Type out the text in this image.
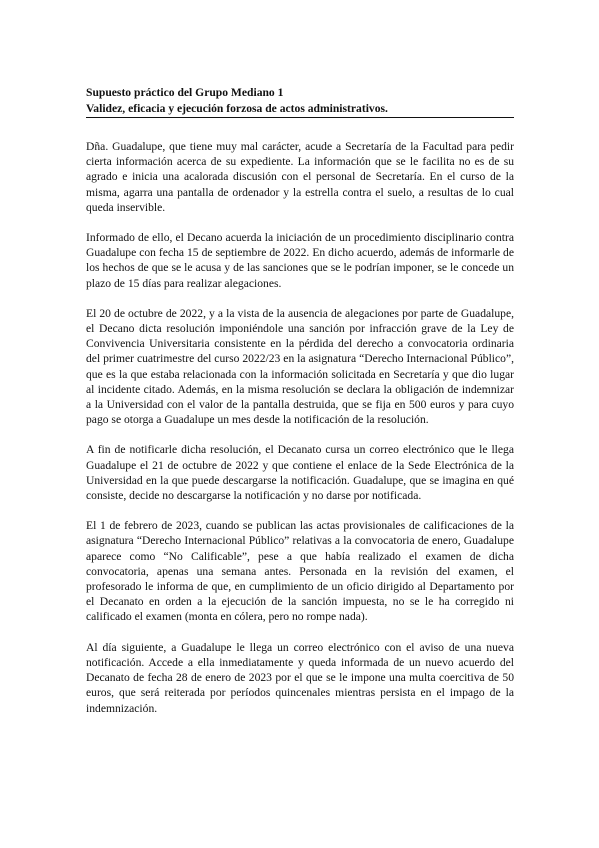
Supuesto práctico del Grupo Mediano 1
Validez, eficacia y ejecución forzosa de actos administrativos.

Dña. Guadalupe, que tiene muy mal carácter, acude a Secretaría de la Facultad para pedir cierta información acerca de su expediente. La información que se le facilita no es de su agrado e inicia una acalorada discusión con el personal de Secretaría. En el curso de la misma, agarra una pantalla de ordenador y la estrella contra el suelo, a resultas de lo cual queda inservible.

Informado de ello, el Decano acuerda la iniciación de un procedimiento disciplinario contra Guadalupe con fecha 15 de septiembre de 2022. En dicho acuerdo, además de informarle de los hechos de que se le acusa y de las sanciones que se le podrían imponer, se le concede un plazo de 15 días para realizar alegaciones.

El 20 de octubre de 2022, y a la vista de la ausencia de alegaciones por parte de Guadalupe, el Decano dicta resolución imponiéndole una sanción por infracción grave de la Ley de Convivencia Universitaria consistente en la pérdida del derecho a convocatoria ordinaria del primer cuatrimestre del curso 2022/23 en la asignatura “Derecho Internacional Público”, que es la que estaba relacionada con la información solicitada en Secretaría y que dio lugar al incidente citado. Además, en la misma resolución se declara la obligación de indemnizar a la Universidad con el valor de la pantalla destruida, que se fija en 500 euros y para cuyo pago se otorga a Guadalupe un mes desde la notificación de la resolución.

A fin de notificarle dicha resolución, el Decanato cursa un correo electrónico que le llega Guadalupe el 21 de octubre de 2022 y que contiene el enlace de la Sede Electrónica de la Universidad en la que puede descargarse la notificación. Guadalupe, que se imagina en qué consiste, decide no descargarse la notificación y no darse por notificada.

El 1 de febrero de 2023, cuando se publican las actas provisionales de calificaciones de la asignatura “Derecho Internacional Público” relativas a la convocatoria de enero, Guadalupe aparece como “No Calificable”, pese a que había realizado el examen de dicha convocatoria, apenas una semana antes. Personada en la revisión del examen, el profesorado le informa de que, en cumplimiento de un oficio dirigido al Departamento por el Decanato en orden a la ejecución de la sanción impuesta, no se le ha corregido ni calificado el examen (monta en cólera, pero no rompe nada).

Al día siguiente, a Guadalupe le llega un correo electrónico con el aviso de una nueva notificación. Accede a ella inmediatamente y queda informada de un nuevo acuerdo del Decanato de fecha 28 de enero de 2023 por el que se le impone una multa coercitiva de 50 euros, que será reiterada por períodos quincenales mientras persista en el impago de la indemnización.
